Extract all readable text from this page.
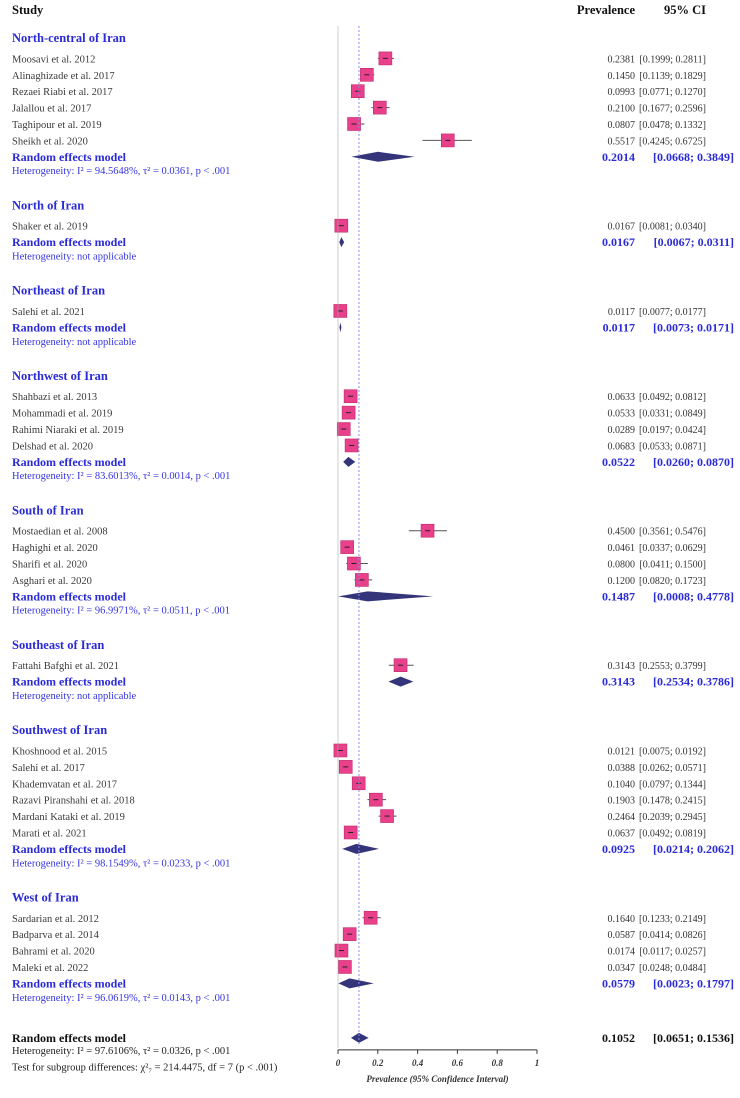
Study	Prevalence 95% CI
North-central of Iran
Moosavi et al. 2012	0.2381 [0.1999; 0.2811]
Alinaghizade et al. 2017	0.1450 [0.1139; 0.1829]
Rezaei Riabi et al. 2017	0.0993 [0.0771; 0.1270]
Jalallou et al. 2017	0.2100 [0.1677; 0.2596]
Taghipour et al. 2019	0.0807 [0.0478; 0.1332]
Sheikh et al. 2020	0.5517 [0.4245; 0.6725]
Random effects model	0.2014 [0.0668; 0.3849]
Heterogeneity: I² = 94.5648%, τ² = 0.0361, p < .001
North of Iran
Shaker et al. 2019	0.0167 [0.0081; 0.0340]
Random effects model	0.0167 [0.0067; 0.0311]
Heterogeneity: not applicable
Northeast of Iran
Salehi et al. 2021	0.0117 [0.0077; 0.0177]
Random effects model	0.0117 [0.0073; 0.0171]
Heterogeneity: not applicable
Northwest of Iran
Shahbazi et al. 2013	0.0633 [0.0492; 0.0812]
Mohammadi et al. 2019	0.0533 [0.0331; 0.0849]
Rahimi Niaraki et al. 2019	0.0289 [0.0197; 0.0424]
Delshad et al. 2020	0.0683 [0.0533; 0.0871]
Random effects model	0.0522 [0.0260; 0.0870]
Heterogeneity: I² = 83.6013%, τ² = 0.0014, p < .001
South of Iran
Mostaedian et al. 2008	0.4500 [0.3561; 0.5476]
Haghighi et al. 2020	0.0461 [0.0337; 0.0629]
Sharifi et al. 2020	0.0800 [0.0411; 0.1500]
Asghari et al. 2020	0.1200 [0.0820; 0.1723]
Random effects model	0.1487 [0.0008; 0.4778]
Heterogeneity: I² = 96.9971%, τ² = 0.0511, p < .001
Southeast of Iran
Fattahi Bafghi et al. 2021	0.3143 [0.2553; 0.3799]
Random effects model	0.3143 [0.2534; 0.3786]
Heterogeneity: not applicable
Southwest of Iran
Khoshnood et al. 2015	0.0121 [0.0075; 0.0192]
Salehi et al. 2017	0.0388 [0.0262; 0.0571]
Khademvatan et al. 2017	0.1040 [0.0797; 0.1344]
Razavi Piranshahi et al. 2018	0.1903 [0.1478; 0.2415]
Mardani Kataki et al. 2019	0.2464 [0.2039; 0.2945]
Marati et al. 2021	0.0637 [0.0492; 0.0819]
Random effects model	0.0925 [0.0214; 0.2062]
Heterogeneity: I² = 98.1549%, τ² = 0.0233, p < .001
West of Iran
Sardarian et al. 2012	0.1640 [0.1233; 0.2149]
Badparva et al. 2014	0.0587 [0.0414; 0.0826]
Bahrami et al. 2020	0.0174 [0.0117; 0.0257]
Maleki et al. 2022	0.0347 [0.0248; 0.0484]
Random effects model	0.0579 [0.0023; 0.1797]
Heterogeneity: I² = 96.0619%, τ² = 0.0143, p < .001
Random effects model	0.1052 [0.0651; 0.1536]
Heterogeneity: I² = 97.6106%, τ² = 0.0326, p < .001
Test for subgroup differences: χ²₇ = 214.4475, df = 7 (p < .001)	0	0.2	0.4	0.6	0.8	1
Prevalence (95% Confidence Interval)
